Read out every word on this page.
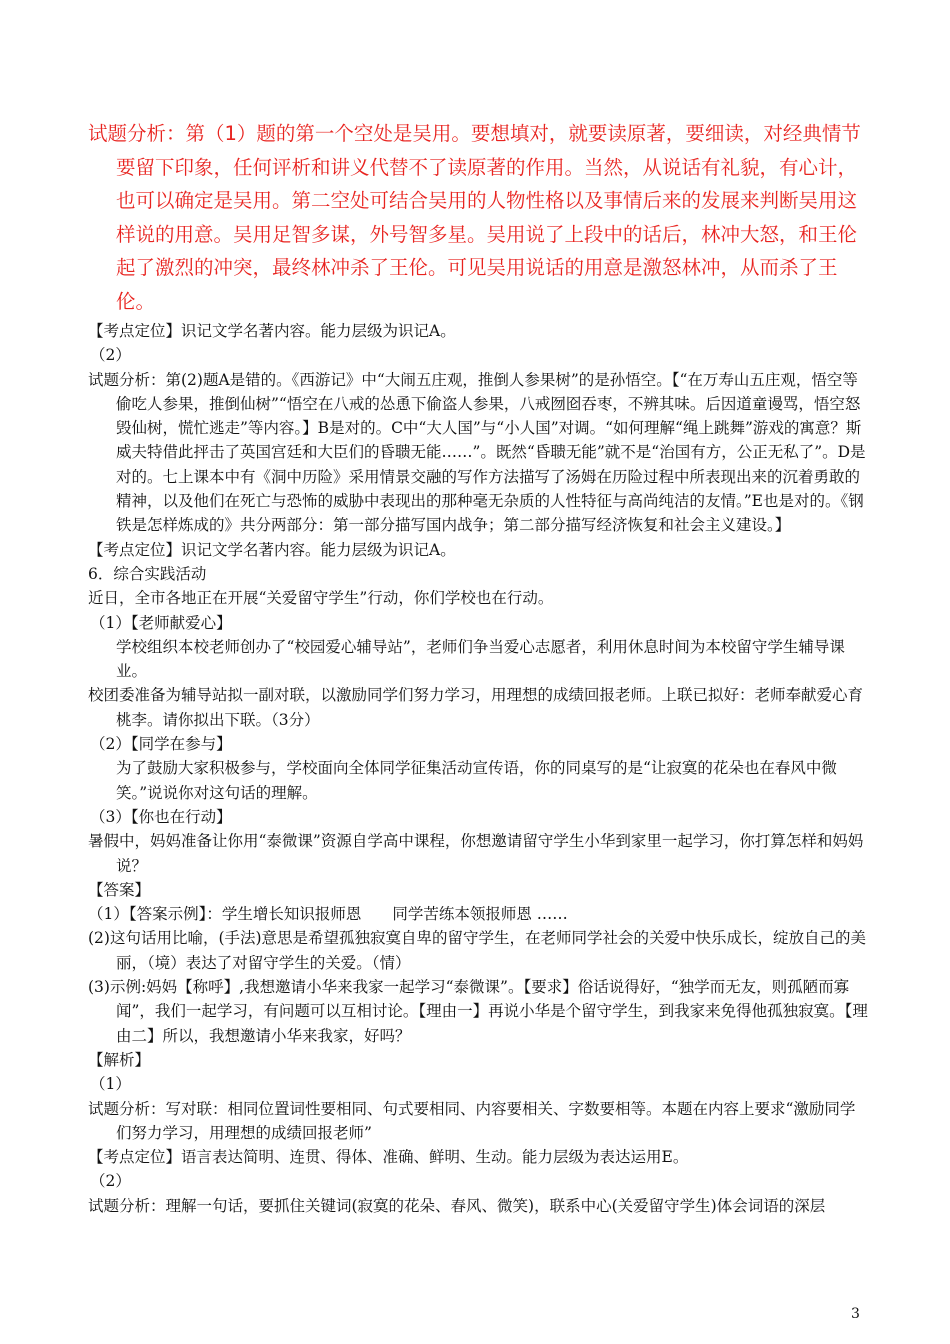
试题分析：第（1）题的第一个空处是吴用。要想填对，就要读原著，要细读，对经典情节要留下印象，任何评析和讲义代替不了读原著的作用。当然，从说话有礼貌，有心计，也可以确定是吴用。第二空处可结合吴用的人物性格以及事情后来的发展来判断吴用这样说的用意。吴用足智多谋，外号智多星。吴用说了上段中的话后，林冲大怒，和王伦起了激烈的冲突，最终林冲杀了王伦。可见吴用说话的用意是激怒林冲，从而杀了王伦。
【考点定位】识记文学名著内容。能力层级为识记A。
（2）
试题分析：第(2)题A是错的。《西游记》中“大闹五庄观，推倒人参果树”的是孙悟空。【“在万寿山五庄观，悟空等偷吃人参果，推倒仙树”“悟空在八戒的怂恿下偷盗人参果，八戒囫囵吞枣，不辨其味。后因道童谩骂，悟空怒毁仙树，慌忙逃走”等内容。】B是对的。C中“大人国”与“小人国”对调。“如何理解“绳上跳舞”游戏的寓意？斯威夫特借此抨击了英国宫廷和大臣们的昏聩无能……”。既然“昏聩无能”就不是“治国有方，公正无私了”。D是对的。七上课本中有《洞中历险》采用情景交融的写作方法描写了汤姆在历险过程中所表现出来的沉着勇敢的精神，以及他们在死亡与恐怖的威胁中表现出的那种毫无杂质的人性特征与高尚纯洁的友情。”E也是对的。《钢铁是怎样炼成的》共分两部分：第一部分描写国内战争；第二部分描写经济恢复和社会主义建设。】
【考点定位】识记文学名著内容。能力层级为识记A。
6．综合实践活动
近日，全市各地正在开展“关爱留守学生”行动，你们学校也在行动。
（1）【老师献爱心】
学校组织本校老师创办了“校园爱心辅导站”，老师们争当爱心志愿者，利用休息时间为本校留守学生辅导课业。
校团委准备为辅导站拟一副对联，以激励同学们努力学习，用理想的成绩回报老师。上联已拟好：老师奉献爱心育桃李。请你拟出下联。（3分）
（2）【同学在参与】
为了鼓励大家积极参与，学校面向全体同学征集活动宣传语，你的同桌写的是“让寂寞的花朵也在春风中微笑。”说说你对这句话的理解。
（3）【你也在行动】
暑假中，妈妈准备让你用“泰微课”资源自学高中课程，你想邀请留守学生小华到家里一起学习，你打算怎样和妈妈说？
【答案】
（1）【答案示例】：学生增长知识报师恩　　同学苦练本领报师恩 ……
(2)这句话用比喻，(手法)意思是希望孤独寂寞自卑的留守学生，在老师同学社会的关爱中快乐成长，绽放自己的美丽，（境）表达了对留守学生的关爱。（情）
(3)示例:妈妈【称呼】,我想邀请小华来我家一起学习“泰微课”。【要求】俗话说得好，“独学而无友，则孤陋而寡闻”，我们一起学习，有问题可以互相讨论。【理由一】再说小华是个留守学生，到我家来免得他孤独寂寞。【理由二】所以，我想邀请小华来我家，好吗？
【解析】
（1）
试题分析：写对联：相同位置词性要相同、句式要相同、内容要相关、字数要相等。本题在内容上要求“激励同学们努力学习，用理想的成绩回报老师”
【考点定位】语言表达简明、连贯、得体、准确、鲜明、生动。能力层级为表达运用E。
（2）
试题分析：理解一句话，要抓住关键词(寂寞的花朵、春风、微笑)，联系中心(关爱留守学生)体会词语的深层
3
